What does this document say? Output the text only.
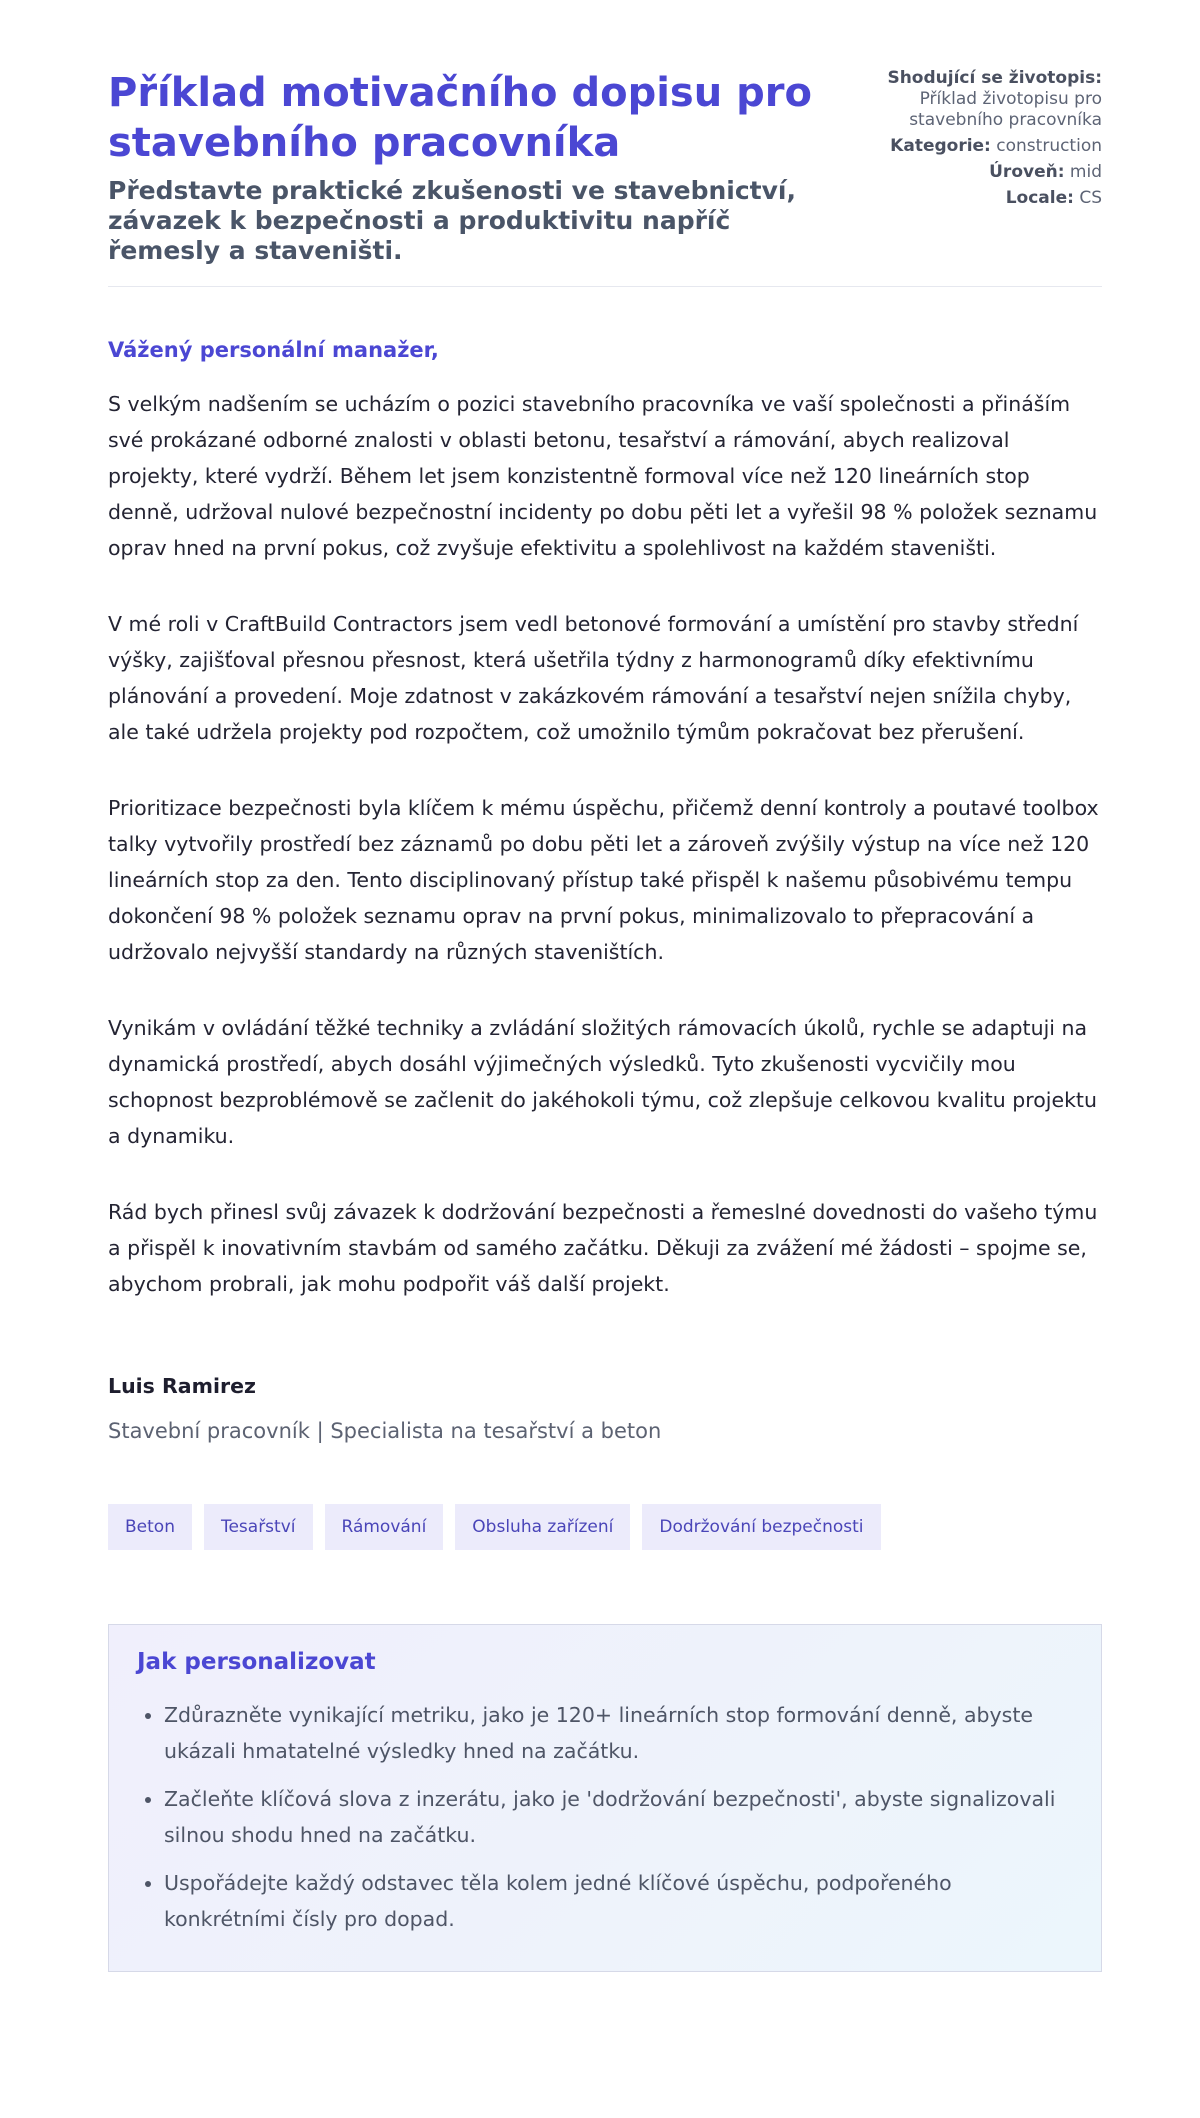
Příklad motivačního dopisu pro stavebního pracovníka

Představte praktické zkušenosti ve stavebnictví, závazek k bezpečnosti a produktivitu napříč řemesly a staveništi.

Shodující se životopis:
Příklad životopisu pro stavebního pracovníka
Kategorie: construction
Úroveň: mid
Locale: CS

Vážený personální manažer,

S velkým nadšením se ucházím o pozici stavebního pracovníka ve vaší společnosti a přináším své prokázané odborné znalosti v oblasti betonu, tesařství a rámování, abych realizoval projekty, které vydrží. Během let jsem konzistentně formoval více než 120 lineárních stop denně, udržoval nulové bezpečnostní incidenty po dobu pěti let a vyřešil 98 % položek seznamu oprav hned na první pokus, což zvyšuje efektivitu a spolehlivost na každém staveništi.

V mé roli v CraftBuild Contractors jsem vedl betonové formování a umístění pro stavby střední výšky, zajišťoval přesnou přesnost, která ušetřila týdny z harmonogramů díky efektivnímu plánování a provedení. Moje zdatnost v zakázkovém rámování a tesařství nejen snížila chyby, ale také udržela projekty pod rozpočtem, což umožnilo týmům pokračovat bez přerušení.

Prioritizace bezpečnosti byla klíčem k mému úspěchu, přičemž denní kontroly a poutavé toolbox talky vytvořily prostředí bez záznamů po dobu pěti let a zároveň zvýšily výstup na více než 120 lineárních stop za den. Tento disciplinovaný přístup také přispěl k našemu působivému tempu dokončení 98 % položek seznamu oprav na první pokus, minimalizovalo to přepracování a udržovalo nejvyšší standardy na různých staveništích.

Vynikám v ovládání těžké techniky a zvládání složitých rámovacích úkolů, rychle se adaptuji na dynamická prostředí, abych dosáhl výjimečných výsledků. Tyto zkušenosti vycvičily mou schopnost bezproblémově se začlenit do jakéhokoli týmu, což zlepšuje celkovou kvalitu projektu a dynamiku.

Rád bych přinesl svůj závazek k dodržování bezpečnosti a řemeslné dovednosti do vašeho týmu a přispěl k inovativním stavbám od samého začátku. Děkuji za zvážení mé žádosti – spojme se, abychom probrali, jak mohu podpořit váš další projekt.

Luis Ramirez

Stavební pracovník | Specialista na tesařství a beton

Beton	Tesařství	Rámování	Obsluha zařízení	Dodržování bezpečnosti
Jak personalizovat
• Zdůrazněte vynikající metriku, jako je 120+ lineárních stop formování denně, abyste ukázali hmatatelné výsledky hned na začátku.
• Začleňte klíčová slova z inzerátu, jako je 'dodržování bezpečnosti', abyste signalizovali silnou shodu hned na začátku.
• Uspořádejte každý odstavec těla kolem jedné klíčové úspěchu, podpořeného konkrétními čísly pro dopad.
